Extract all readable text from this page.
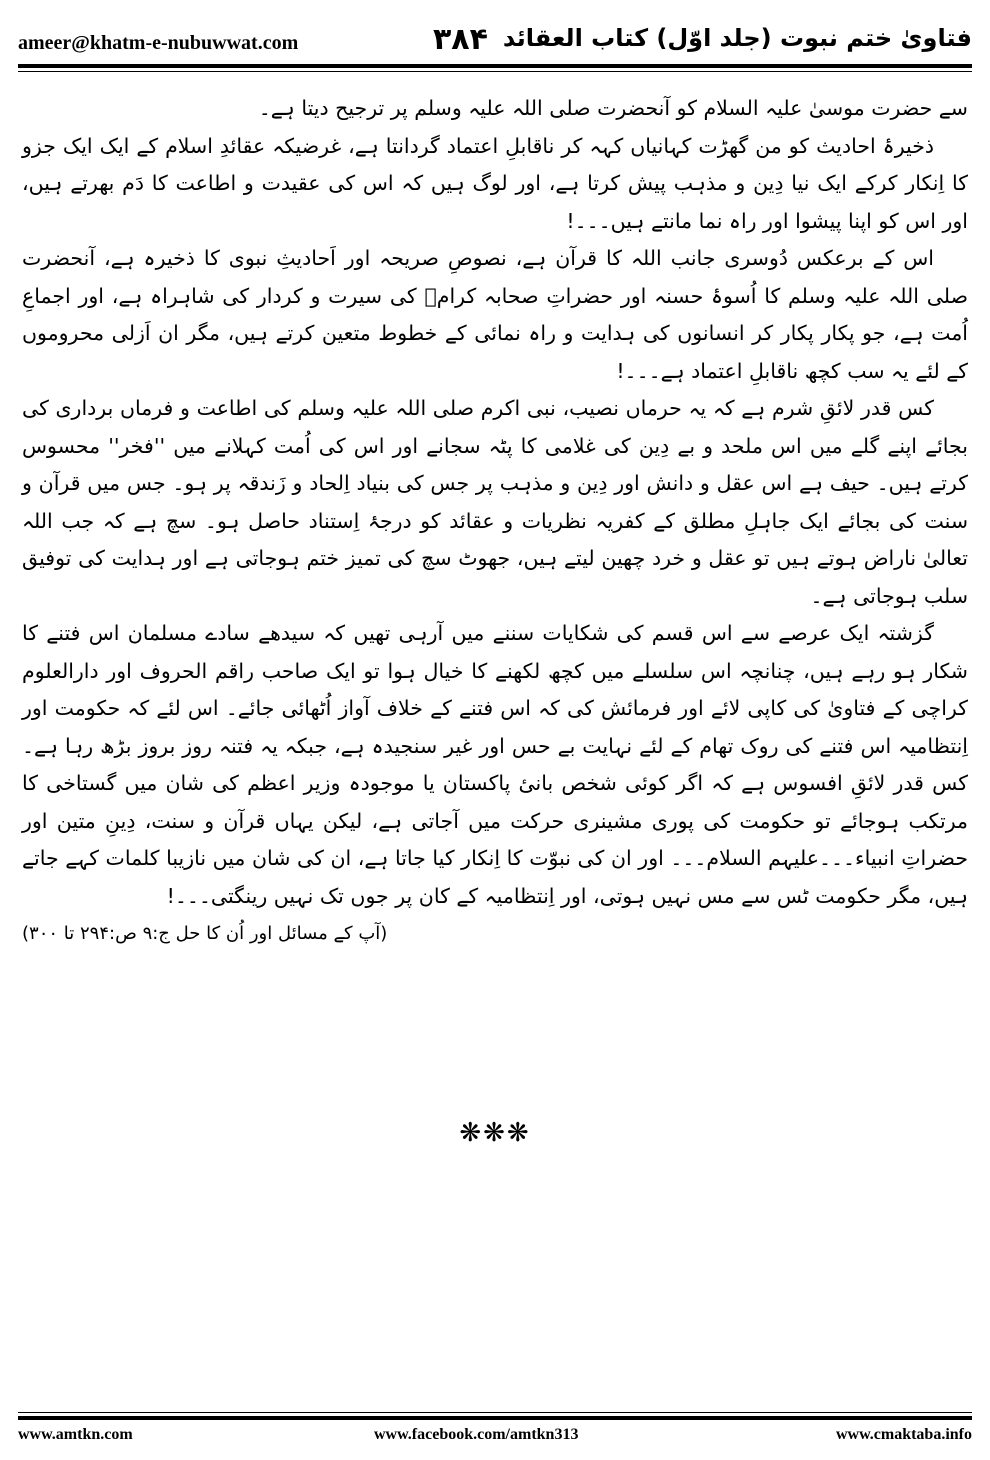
ameer@khatm-e-nubuwwat.com	۳۸۴ فتاویٰ ختم نبوت (جلد اوّل) کتاب العقائد

سے حضرت موسیٰ علیہ السلام کو آنحضرت صلی اللہ علیہ وسلم پر ترجیح دیتا ہے۔

ذخیرۂ احادیث کو من گھڑت کہانیاں کہہ کر ناقابلِ اعتماد گردانتا ہے، غرضیکہ عقائدِ اسلام کے ایک ایک جزو کا اِنکار کرکے ایک نیا دِین و مذہب پیش کرتا ہے، اور لوگ ہیں کہ اس کی عقیدت و اطاعت کا دَم بھرتے ہیں، اور اس کو اپنا پیشوا اور راہ نما مانتے ہیں۔۔۔!

اس کے برعکس دُوسری جانب اللہ کا قرآن ہے، نصوصِ صریحہ اور اَحادیثِ نبوی کا ذخیرہ ہے، آنحضرت صلی اللہ علیہ وسلم کا اُسوۂ حسنہ اور حضراتِ صحابہ کرامؓ کی سیرت و کردار کی شاہراہ ہے، اور اجماعِ اُمت ہے، جو پکار پکار کر انسانوں کی ہدایت و راہ نمائی کے خطوط متعین کرتے ہیں، مگر ان اَزلی محروموں کے لئے یہ سب کچھ ناقابلِ اعتماد ہے۔۔۔!

کس قدر لائقِ شرم ہے کہ یہ حرماں نصیب، نبی اکرم صلی اللہ علیہ وسلم کی اطاعت و فرماں برداری کی بجائے اپنے گلے میں اس ملحد و بے دِین کی غلامی کا پٹہ سجانے اور اس کی اُمت کہلانے میں ''فخر'' محسوس کرتے ہیں۔ حیف ہے اس عقل و دانش اور دِین و مذہب پر جس کی بنیاد اِلحاد و زَندقہ پر ہو۔ جس میں قرآن و سنت کی بجائے ایک جاہلِ مطلق کے کفریہ نظریات و عقائد کو درجۂ اِستناد حاصل ہو۔ سچ ہے کہ جب اللہ تعالیٰ ناراض ہوتے ہیں تو عقل و خرد چھین لیتے ہیں، جھوٹ سچ کی تمیز ختم ہوجاتی ہے اور ہدایت کی توفیق سلب ہوجاتی ہے۔

گزشتہ ایک عرصے سے اس قسم کی شکایات سننے میں آرہی تھیں کہ سیدھے سادے مسلمان اس فتنے کا شکار ہو رہے ہیں، چنانچہ اس سلسلے میں کچھ لکھنے کا خیال ہوا تو ایک صاحب راقم الحروف اور دارالعلوم کراچی کے فتاویٰ کی کاپی لائے اور فرمائش کی کہ اس فتنے کے خلاف آواز اُٹھائی جائے۔ اس لئے کہ حکومت اور اِنتظامیہ اس فتنے کی روک تھام کے لئے نہایت بے حس اور غیر سنجیدہ ہے، جبکہ یہ فتنہ روز بروز بڑھ رہا ہے۔ کس قدر لائقِ افسوس ہے کہ اگر کوئی شخص بانیٔ پاکستان یا موجودہ وزیر اعظم کی شان میں گستاخی کا مرتکب ہوجائے تو حکومت کی پوری مشینری حرکت میں آجاتی ہے، لیکن یہاں قرآن و سنت، دِینِ متین اور حضراتِ انبیاء۔۔۔علیہم السلام۔۔۔ اور ان کی نبوّت کا اِنکار کیا جاتا ہے، ان کی شان میں نازیبا کلمات کہے جاتے ہیں، مگر حکومت ٹس سے مس نہیں ہوتی، اور اِنتظامیہ کے کان پر جوں تک نہیں رینگتی۔۔۔!
(آپ کے مسائل اور اُن کا حل ج:۹ ص:۲۹۴ تا ۳۰۰)

❋❋❋
www.amtkn.com	www.facebook.com/amtkn313	www.cmaktaba.info
